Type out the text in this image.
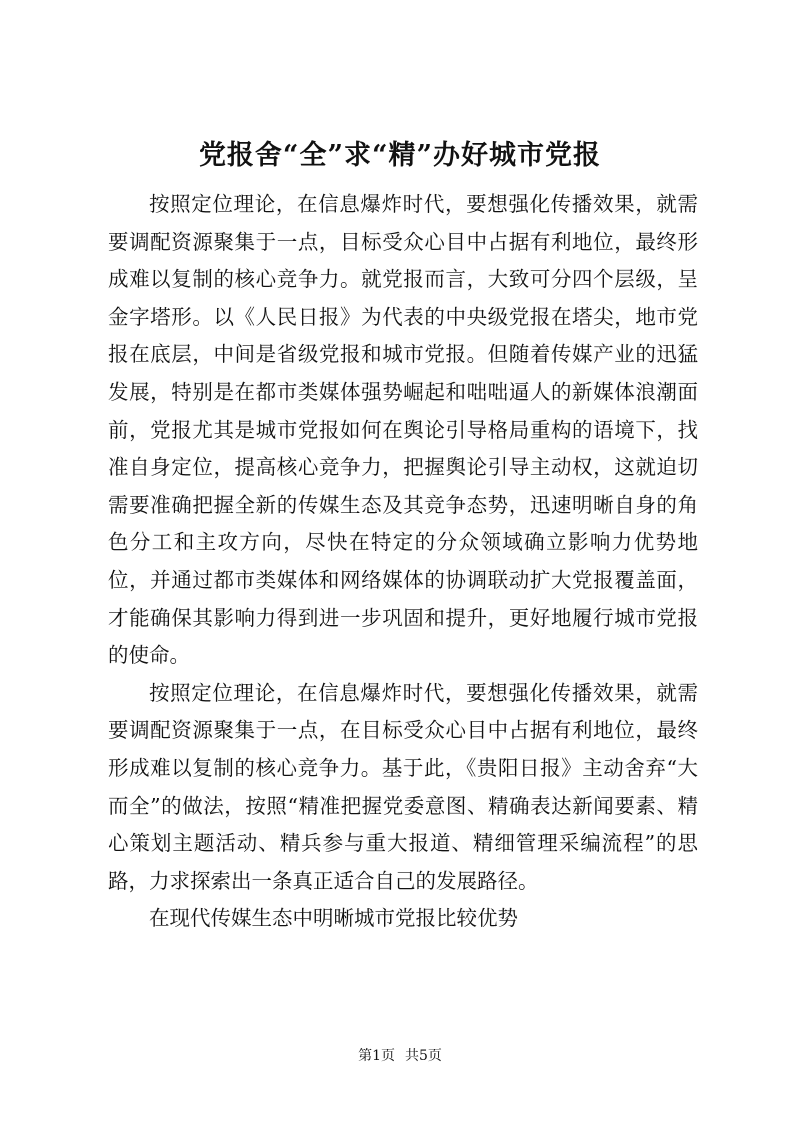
党报舍“全”求“精”办好城市党报

按照定位理论，在信息爆炸时代，要想强化传播效果，就需要调配资源聚集于一点，目标受众心目中占据有利地位，最终形成难以复制的核心竞争力。就党报而言，大致可分四个层级，呈金字塔形。以《人民日报》为代表的中央级党报在塔尖，地市党报在底层，中间是省级党报和城市党报。但随着传媒产业的迅猛发展，特别是在都市类媒体强势崛起和咄咄逼人的新媒体浪潮面前，党报尤其是城市党报如何在舆论引导格局重构的语境下，找准自身定位，提高核心竞争力，把握舆论引导主动权，这就迫切需要准确把握全新的传媒生态及其竞争态势，迅速明晰自身的角色分工和主攻方向，尽快在特定的分众领域确立影响力优势地位，并通过都市类媒体和网络媒体的协调联动扩大党报覆盖面，才能确保其影响力得到进一步巩固和提升，更好地履行城市党报的使命。

按照定位理论，在信息爆炸时代，要想强化传播效果，就需要调配资源聚集于一点，在目标受众心目中占据有利地位，最终形成难以复制的核心竞争力。基于此，《贵阳日报》主动舍弃“大而全”的做法，按照“精准把握党委意图、精确表达新闻要素、精心策划主题活动、精兵参与重大报道、精细管理采编流程”的思路，力求探索出一条真正适合自己的发展路径。

在现代传媒生态中明晰城市党报比较优势

第1页 共5页
